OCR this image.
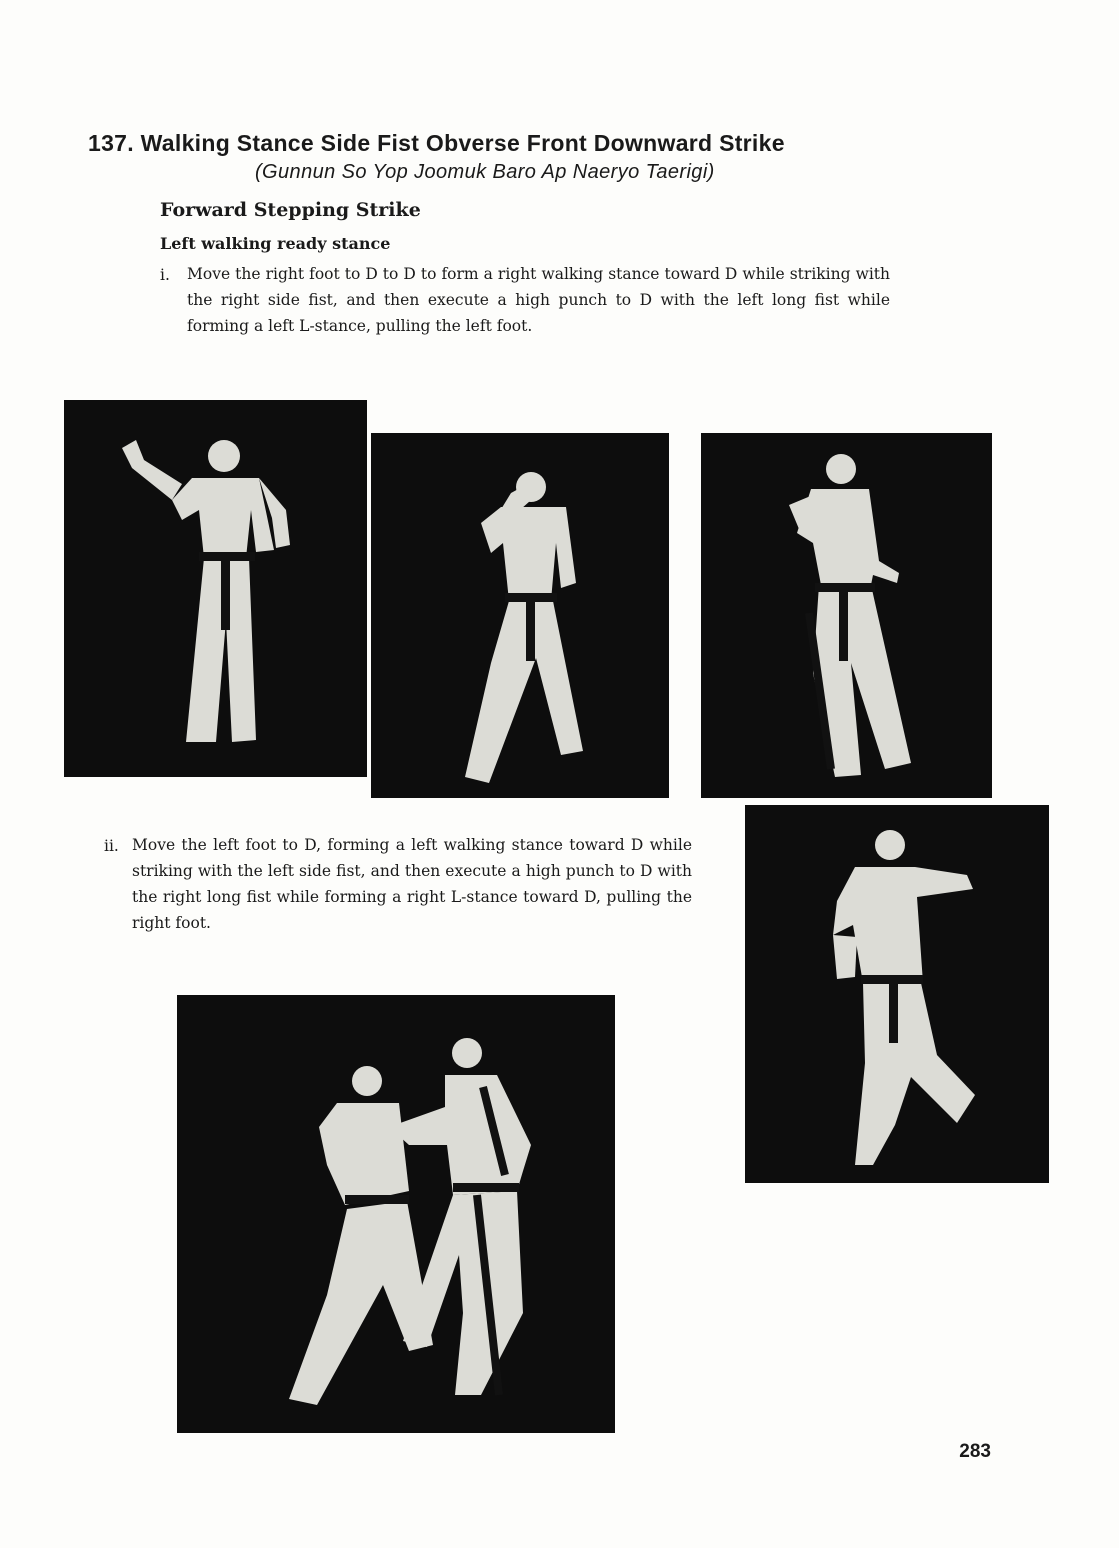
137. Walking Stance Side Fist Obverse Front Downward Strike

(Gunnun So Yop Joomuk Baro Ap Naeryo Taerigi)

Forward Stepping Strike

Left walking ready stance

i. Move the right foot to D to D to form a right walking stance toward D while striking with the right side fist, and then execute a high punch to D with the left long fist while forming a left L-stance, pulling the left foot.

ii. Move the left foot to D, forming a left walking stance toward D while striking with the left side fist, and then execute a high punch to D with the right long fist while forming a right L-stance toward D, pulling the right foot.

283
